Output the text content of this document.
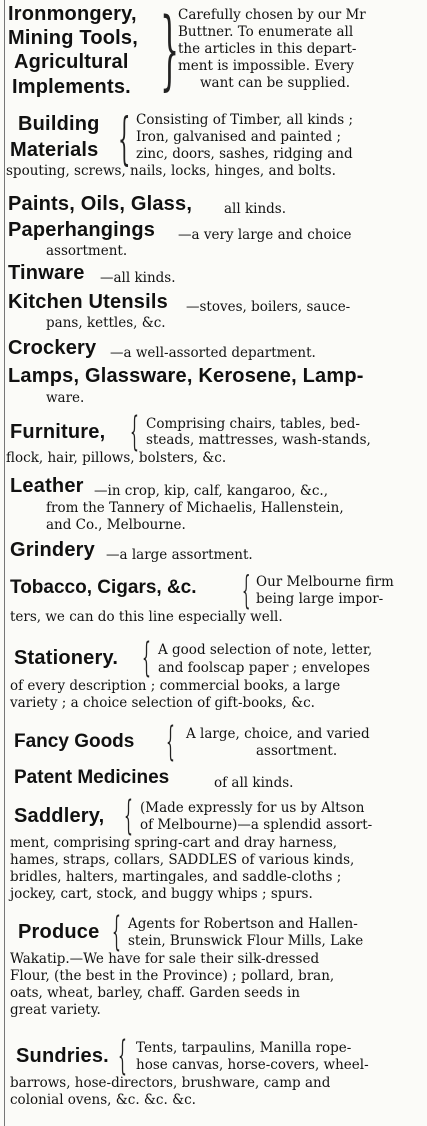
Ironmongery,
Mining Tools,
Agricultural
Implements. }
Carefully chosen by our Mr
Buttner. To enumerate all
the articles in this depart-
ment is impossible. Every
want can be supplied.
Building
Materials { Consisting of Timber, all kinds ;
Iron, galvanised and painted ;
zinc, doors, sashes, ridging and
spouting, screws, nails, locks, hinges, and bolts.
Paints, Oils, Glass, all kinds.
Paperhangings —a very large and choice
assortment.
Tinware —all kinds.
Kitchen Utensils —stoves, boilers, sauce-
pans, kettles, &c.
Crockery —a well-assorted department.
Lamps, Glassware, Kerosene, Lamp-
ware.
Furniture, { Comprising chairs, tables, bed-
steads, mattresses, wash-stands,
flock, hair, pillows, bolsters, &c.
Leather —in crop, kip, calf, kangaroo, &c.,
from the Tannery of Michaelis, Hallenstein,
and Co., Melbourne.
Grindery —a large assortment.
Tobacco, Cigars, &c. { Our Melbourne firm
being large impor-
ters, we can do this line especially well.
Stationery. { A good selection of note, letter,
and foolscap paper ; envelopes
of every description ; commercial books, a large
variety ; a choice selection of gift-books, &c.
Fancy Goods { A large, choice, and varied
assortment.
Patent Medicines	of all kinds.
Saddlery, { (Made expressly for us by Altson
of Melbourne)—a splendid assort-
ment, comprising spring-cart and dray harness,
hames, straps, collars, SADDLES of various kinds,
bridles, halters, martingales, and saddle-cloths ;
jockey, cart, stock, and buggy whips ; spurs.
Produce { Agents for Robertson and Hallen-
stein, Brunswick Flour Mills, Lake
Wakatip.—We have for sale their silk-dressed
Flour, (the best in the Province) ; pollard, bran,
oats, wheat, barley, chaff. Garden seeds in
great variety.
Sundries. { Tents, tarpaulins, Manilla rope-
hose canvas, horse-covers, wheel-
barrows, hose-directors, brushware, camp and
colonial ovens, &c. &c. &c.
